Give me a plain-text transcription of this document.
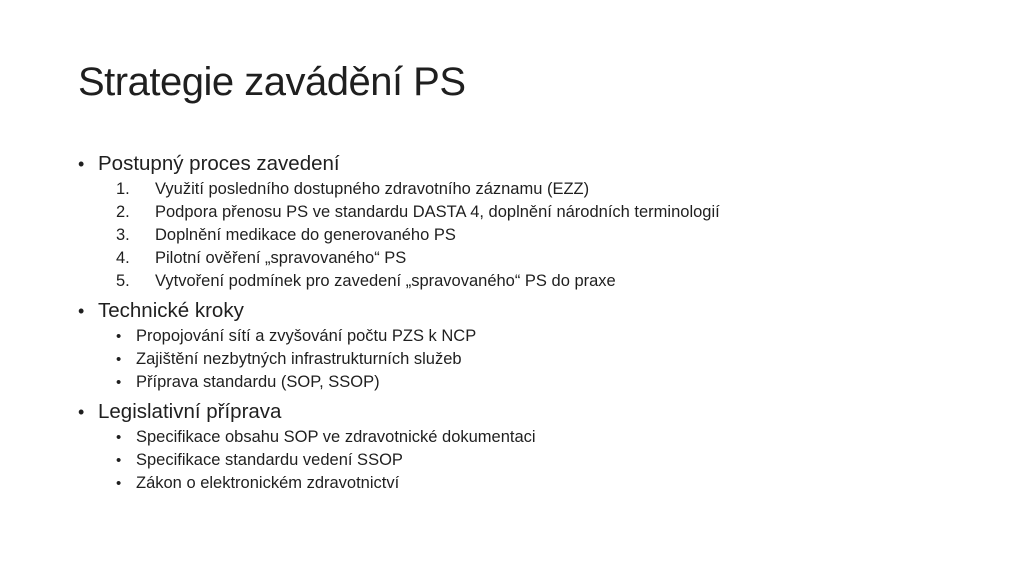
Strategie zavádění PS
• Postupný proces zavedení
1.	Využití posledního dostupného zdravotního záznamu (EZZ)
2.	Podpora přenosu PS ve standardu DASTA 4, doplnění národních terminologií
3.	Doplnění medikace do generovaného PS
4.	Pilotní ověření „spravovaného“ PS
5.	Vytvoření podmínek pro zavedení „spravovaného“ PS do praxe
• Technické kroky
• Propojování sítí a zvyšování počtu PZS k NCP
• Zajištění nezbytných infrastrukturních služeb
• Příprava standardu (SOP, SSOP)
• Legislativní příprava
• Specifikace obsahu SOP ve zdravotnické dokumentaci
• Specifikace standardu vedení SSOP
• Zákon o elektronickém zdravotnictví
